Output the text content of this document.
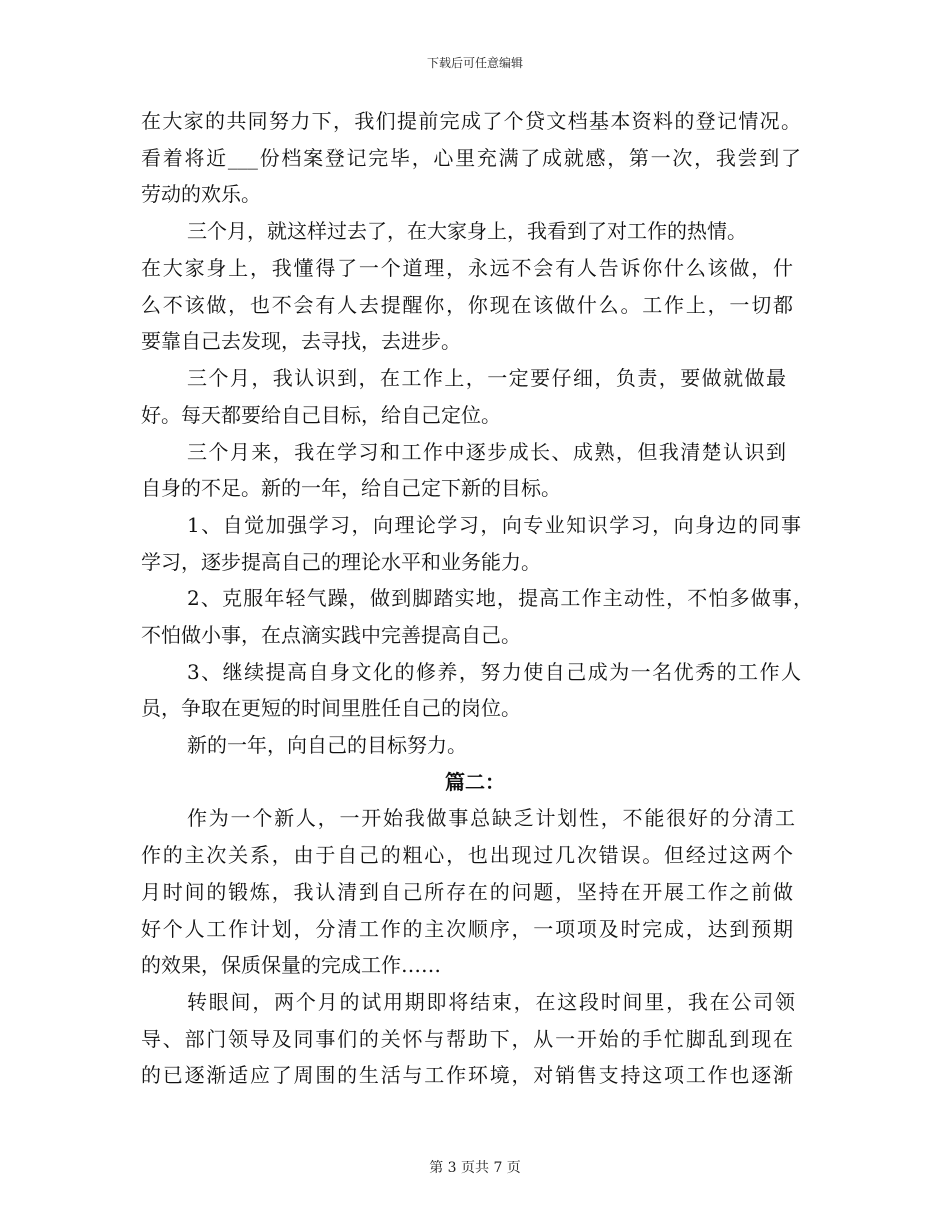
下载后可任意编辑
在大家的共同努力下，我们提前完成了个贷文档基本资料的登记情况。
看着将近___份档案登记完毕，心里充满了成就感，第一次，我尝到了
劳动的欢乐。
三个月，就这样过去了，在大家身上，我看到了对工作的热情。
在大家身上，我懂得了一个道理，永远不会有人告诉你什么该做，什
么不该做，也不会有人去提醒你，你现在该做什么。工作上，一切都
要靠自己去发现，去寻找，去进步。
三个月，我认识到，在工作上，一定要仔细，负责，要做就做最
好。每天都要给自己目标，给自己定位。
三个月来，我在学习和工作中逐步成长、成熟，但我清楚认识到
自身的不足。新的一年，给自己定下新的目标。
1、自觉加强学习，向理论学习，向专业知识学习，向身边的同事
学习，逐步提高自己的理论水平和业务能力。
2、克服年轻气躁，做到脚踏实地，提高工作主动性，不怕多做事，
不怕做小事，在点滴实践中完善提高自己。
3、继续提高自身文化的修养，努力使自己成为一名优秀的工作人
员，争取在更短的时间里胜任自己的岗位。
新的一年，向自己的目标努力。
篇二：
作为一个新人，一开始我做事总缺乏计划性，不能很好的分清工
作的主次关系，由于自己的粗心，也出现过几次错误。但经过这两个
月时间的锻炼，我认清到自己所存在的问题，坚持在开展工作之前做
好个人工作计划，分清工作的主次顺序，一项项及时完成，达到预期
的效果，保质保量的完成工作……
转眼间，两个月的试用期即将结束，在这段时间里，我在公司领
导、部门领导及同事们的关怀与帮助下，从一开始的手忙脚乱到现在
的已逐渐适应了周围的生活与工作环境，对销售支持这项工作也逐渐
第 3 页共 7 页
